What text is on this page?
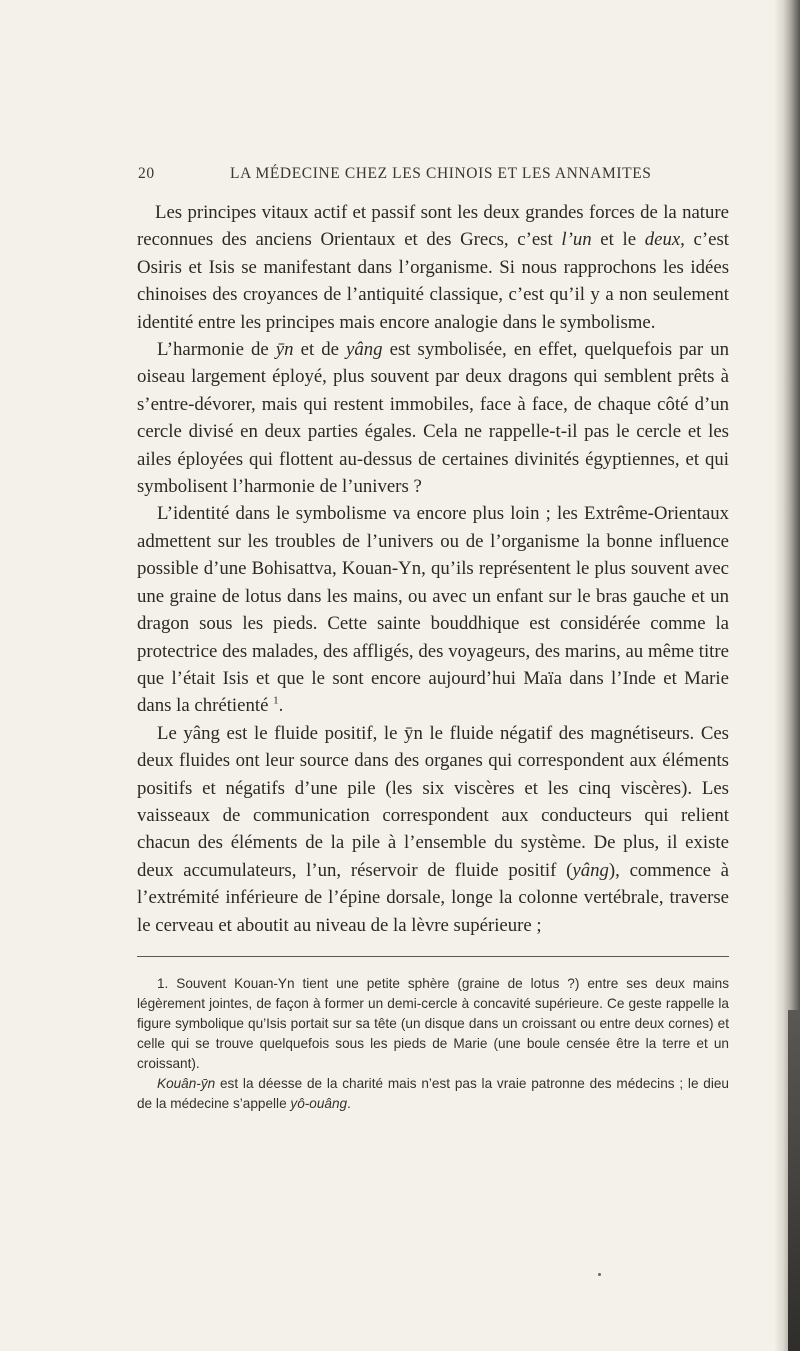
20	LA MÉDECINE CHEZ LES CHINOIS ET LES ANNAMITES

Les principes vitaux actif et passif sont les deux grandes forces de la nature reconnues des anciens Orientaux et des Grecs, c’est l’un et le deux, c’est Osiris et Isis se manifestant dans l’organisme. Si nous rapprochons les idées chinoises des croyances de l’antiquité classique, c’est qu’il y a non seulement identité entre les principes mais encore analogie dans le symbolisme.

L’harmonie de ȳn et de yâng est symbolisée, en effet, quelquefois par un oiseau largement éployé, plus souvent par deux dragons qui semblent prêts à s’entre-dévorer, mais qui restent immobiles, face à face, de chaque côté d’un cercle divisé en deux parties égales. Cela ne rappelle-t-il pas le cercle et les ailes éployées qui flottent au-dessus de certaines divinités égyptiennes, et qui symbolisent l’harmonie de l’univers ?

L’identité dans le symbolisme va encore plus loin ; les Extrême-Orientaux admettent sur les troubles de l’univers ou de l’organisme la bonne influence possible d’une Bohisattva, Kouan-Yn, qu’ils représentent le plus souvent avec une graine de lotus dans les mains, ou avec un enfant sur le bras gauche et un dragon sous les pieds. Cette sainte bouddhique est considérée comme la protectrice des malades, des affligés, des voyageurs, des marins, au même titre que l’était Isis et que le sont encore aujourd’hui Maïa dans l’Inde et Marie dans la chrétienté $^1$.

Le yâng est le fluide positif, le ȳn le fluide négatif des magnétiseurs. Ces deux fluides ont leur source dans des organes qui correspondent aux éléments positifs et négatifs d’une pile (les six viscères et les cinq viscères). Les vaisseaux de communication correspondent aux conducteurs qui relient chacun des éléments de la pile à l’ensemble du système. De plus, il existe deux accumulateurs, l’un, réservoir de fluide positif (yâng), commence à l’extrémité inférieure de l’épine dorsale, longe la colonne vertébrale, traverse le cerveau et aboutit au niveau de la lèvre supérieure ;

1. Souvent Kouan-Yn tient une petite sphère (graine de lotus ?) entre ses deux mains légèrement jointes, de façon à former un demi-cercle à concavité supérieure. Ce geste rappelle la figure symbolique qu’Isis portait sur sa tête (un disque dans un croissant ou entre deux cornes) et celle qui se trouve quelquefois sous les pieds de Marie (une boule censée être la terre et un croissant).

Kouân-ȳn est la déesse de la charité mais n’est pas la vraie patronne des médecins ; le dieu de la médecine s’appelle yô-ouâng.
